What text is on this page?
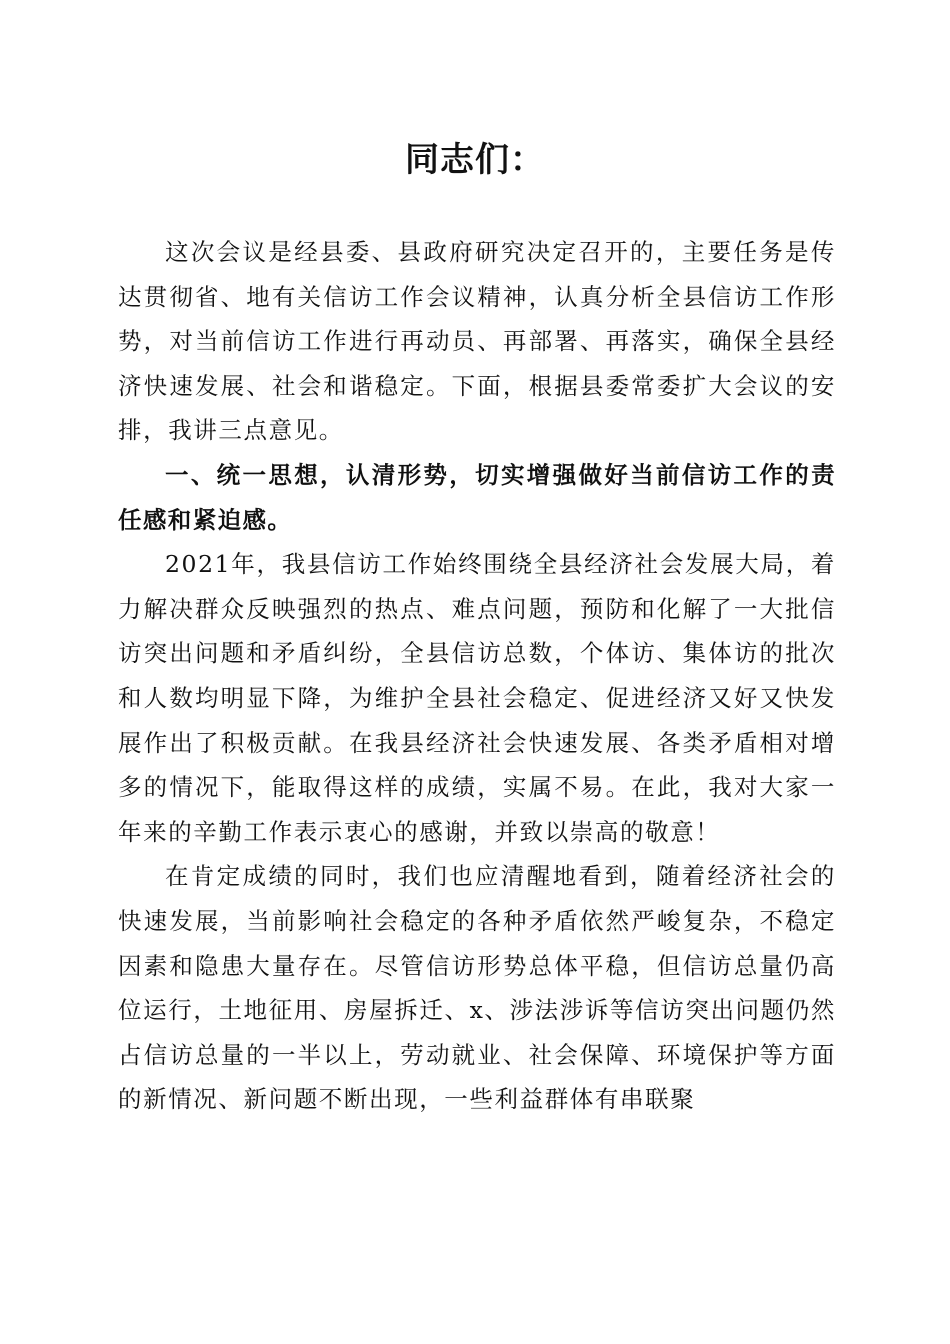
同志们：

这次会议是经县委、县政府研究决定召开的，主要任务是传达贯彻省、地有关信访工作会议精神，认真分析全县信访工作形势，对当前信访工作进行再动员、再部署、再落实，确保全县经济快速发展、社会和谐稳定。下面，根据县委常委扩大会议的安排，我讲三点意见。

一、统一思想，认清形势，切实增强做好当前信访工作的责任感和紧迫感。

2021年，我县信访工作始终围绕全县经济社会发展大局，着力解决群众反映强烈的热点、难点问题，预防和化解了一大批信访突出问题和矛盾纠纷，全县信访总数，个体访、集体访的批次和人数均明显下降，为维护全县社会稳定、促进经济又好又快发展作出了积极贡献。在我县经济社会快速发展、各类矛盾相对增多的情况下，能取得这样的成绩，实属不易。在此，我对大家一年来的辛勤工作表示衷心的感谢，并致以崇高的敬意！

在肯定成绩的同时，我们也应清醒地看到，随着经济社会的快速发展，当前影响社会稳定的各种矛盾依然严峻复杂，不稳定因素和隐患大量存在。尽管信访形势总体平稳，但信访总量仍高位运行，土地征用、房屋拆迁、x、涉法涉诉等信访突出问题仍然占信访总量的一半以上，劳动就业、社会保障、环境保护等方面的新情况、新问题不断出现，一些利益群体有串联聚
